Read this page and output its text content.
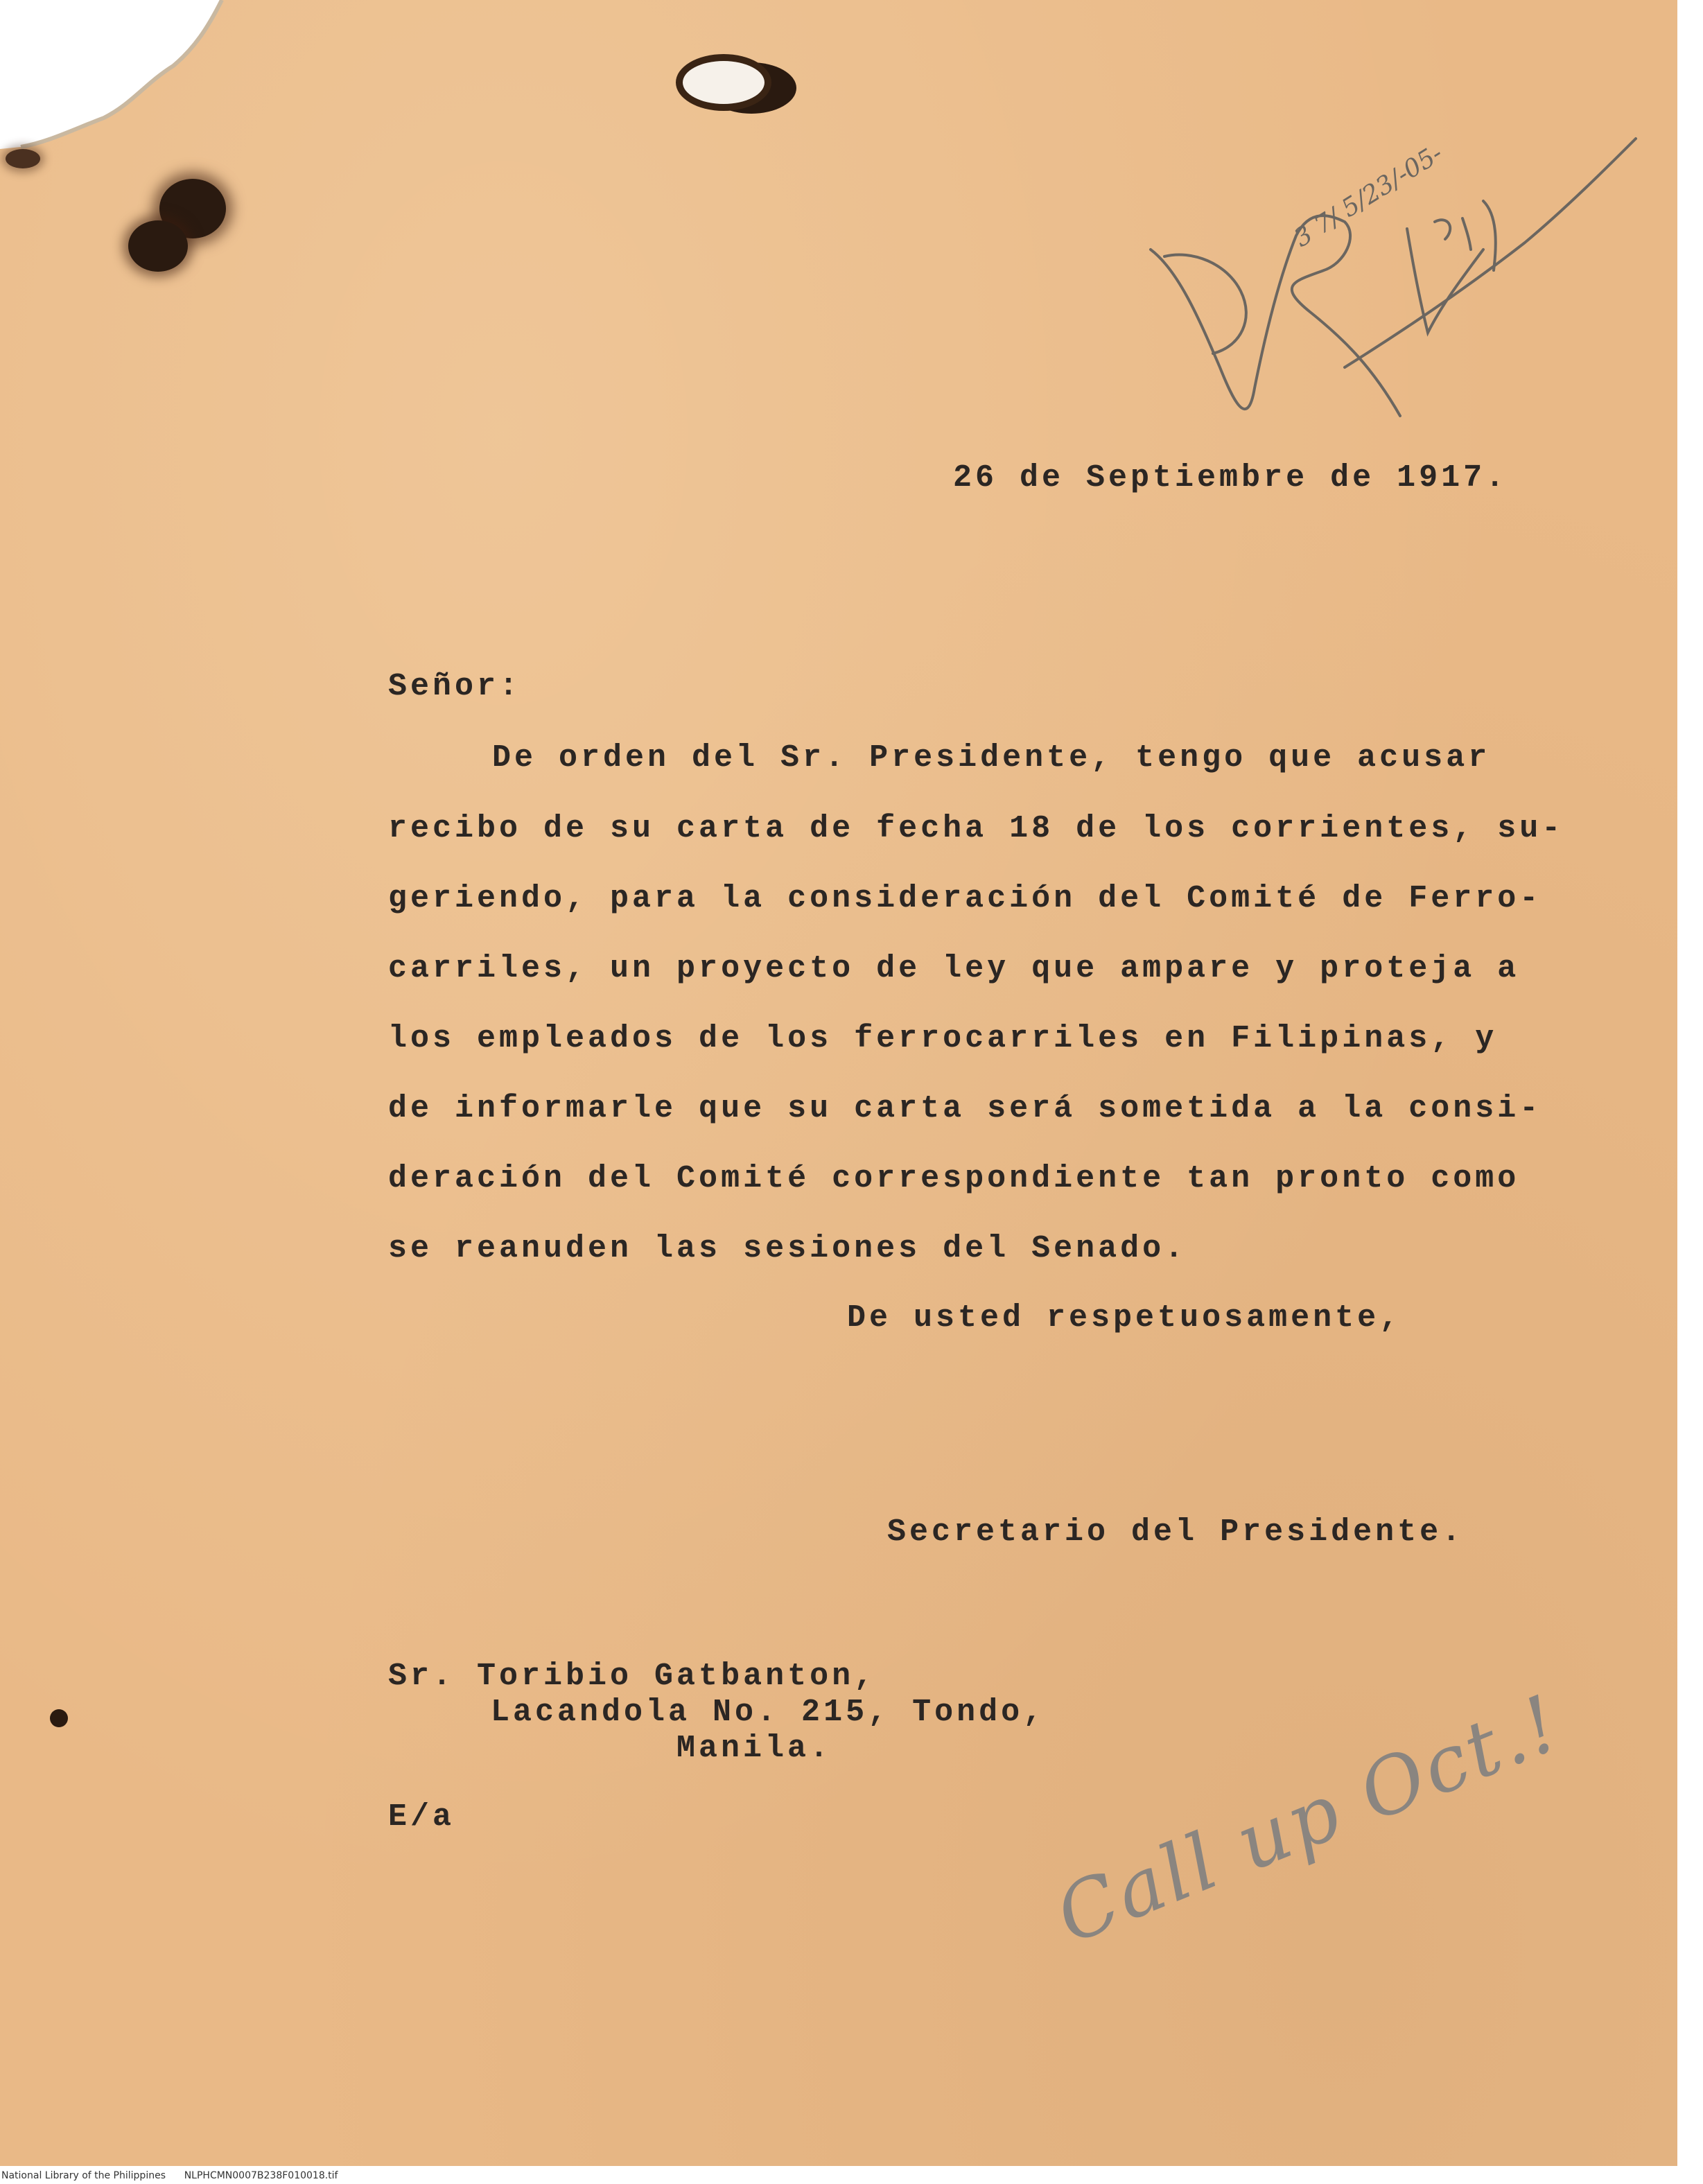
3 7/ 5/23/-05-
26 de Septiembre de 1917.
Señor:
De orden del Sr. Presidente, tengo que acusar
recibo de su carta de fecha 18 de los corrientes, su-
geriendo, para la consideración del Comité de Ferro-
carriles, un proyecto de ley que ampare y proteja a
los empleados de los ferrocarriles en Filipinas, y
de informarle que su carta será sometida a la consi-
deración del Comité correspondiente tan pronto como
se reanuden las sesiones del Senado.
De usted respetuosamente,
Secretario del Presidente.
Sr. Toribio Gatbanton,
Lacandola No. 215, Tondo,
Manila.
E/a	Call up Oct.!
National Library of the Philippines NLPHCMN0007B238F010018.tif
